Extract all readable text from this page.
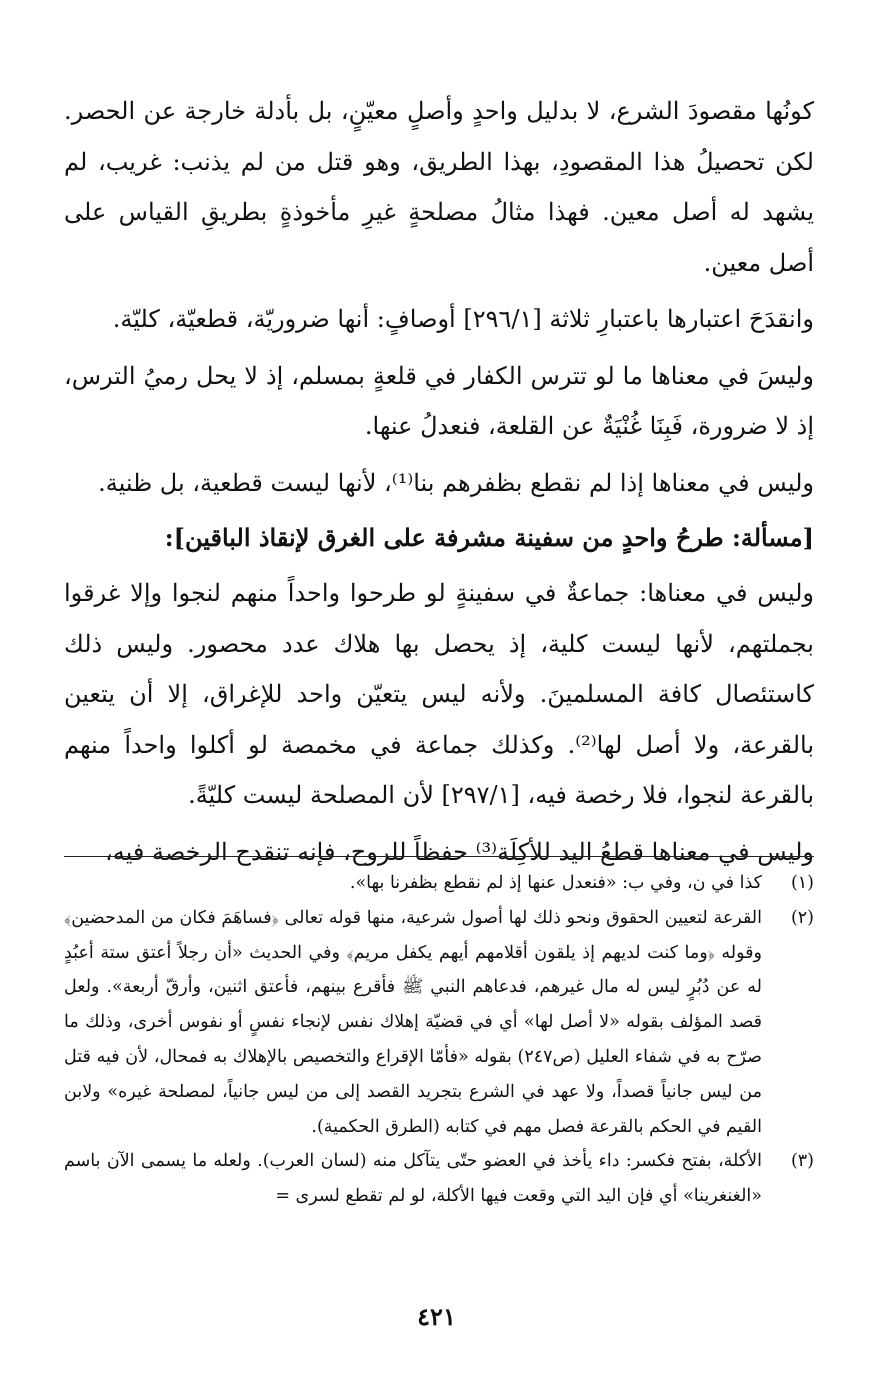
كونُها مقصودَ الشرع، لا بدليل واحدٍ وأصلٍ معيّنٍ، بل بأدلة خارجة عن الحصر. لكن تحصيلُ هذا المقصودِ، بهذا الطريق، وهو قتل من لم يذنب: غريب، لم يشهد له أصل معين. فهذا مثالُ مصلحةٍ غيرِ مأخوذةٍ بطريقِ القياس على أصل معين.

وانقدَحَ اعتبارها باعتبارِ ثلاثة [٢٩٦/١] أوصافٍ: أنها ضروريّة، قطعيّة، كليّة.

وليسَ في معناها ما لو تترس الكفار في قلعةٍ بمسلم، إذ لا يحل رميُ الترس، إذ لا ضرورة، فَبِنَا غُنْيَةٌ عن القلعة، فنعدلُ عنها.

وليس في معناها إذا لم نقطع بظفرهم بنا⁽¹⁾، لأنها ليست قطعية، بل ظنية.

[مسألة: طرحُ واحدٍ من سفينة مشرفة على الغرق لإنقاذ الباقين]:

وليس في معناها: جماعةٌ في سفينةٍ لو طرحوا واحداً منهم لنجوا وإلا غرقوا بجملتهم، لأنها ليست كلية، إذ يحصل بها هلاك عدد محصور. وليس ذلك كاستئصال كافة المسلمينَ. ولأنه ليس يتعيّن واحد للإغراق، إلا أن يتعين بالقرعة، ولا أصل لها⁽²⁾. وكذلك جماعة في مخمصة لو أكلوا واحداً منهم بالقرعة لنجوا، فلا رخصة فيه، [٢٩٧/١] لأن المصلحة ليست كليّةً.

وليس في معناها قطعُ اليد للأكِلَة⁽³⁾ حفظاً للروح، فإنه تنقدح الرخصة فيه،

(١)
كذا في ن، وفي ب: «فنعدل عنها إذ لم نقطع بظفرنا بها».
(٢)
القرعة لتعيين الحقوق ونحو ذلك لها أصول شرعية، منها قوله تعالى ﴿فساهَمَ فكان من المدحضين﴾ وقوله ﴿وما كنت لديهم إذ يلقون أقلامهم أيهم يكفل مريم﴾ وفي الحديث «أن رجلاً أعتق ستة أعبُدٍ له عن دُبُرٍ ليس له مال غيرهم، فدعاهم النبي ﷺ فأقرع بينهم، فأعتق اثنين، وأرقّ أربعة». ولعل قصد المؤلف بقوله «لا أصل لها» أي في قضيّة إهلاك نفس لإنجاء نفسٍ أو نفوس أخرى، وذلك ما صرّح به في شفاء العليل (ص٢٤٧) بقوله «فأمّا الإقراع والتخصيص بالإهلاك به فمحال، لأن فيه قتل من ليس جانياً قصداً، ولا عهد في الشرع بتجريد القصد إلى من ليس جانياً، لمصلحة غيره» ولابن القيم في الحكم بالقرعة فصل مهم في كتابه (الطرق الحكمية).
(٣)
الأكلة، بفتح فكسر: داء يأخذ في العضو حتّى يتآكل منه (لسان العرب). ولعله ما يسمى الآن باسم «الغنغرينا» أي فإن اليد التي وقعت فيها الأكلة، لو لم تقطع لسرى =
٤٢١
